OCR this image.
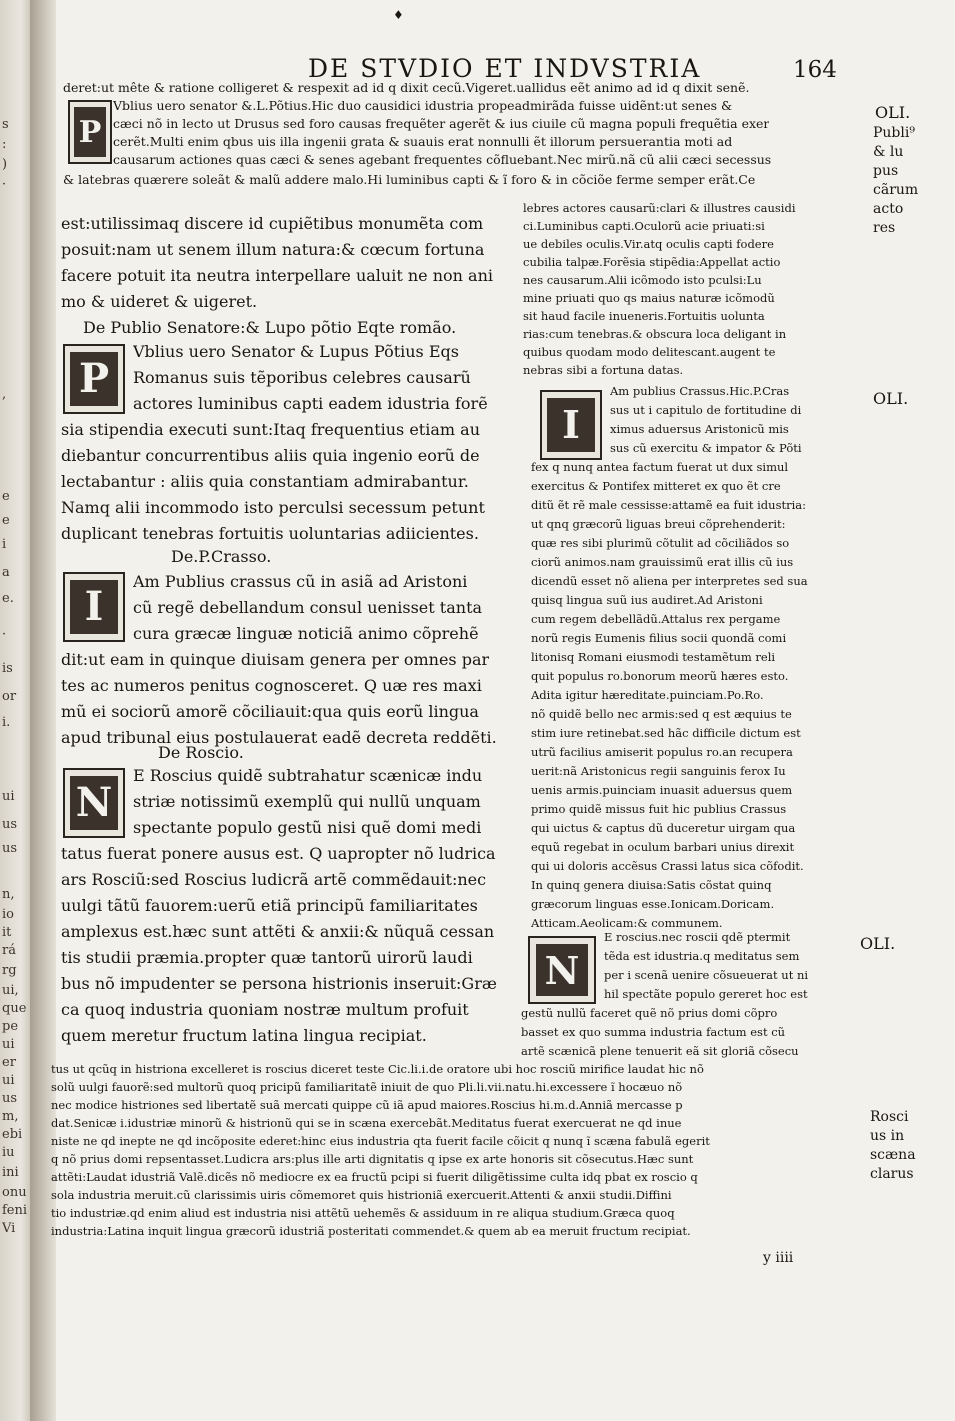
s
:
)
·
,
e
e
i
a
e.
·
is
or
i.
ui
us
us
n,
io
it
rá
rg
ui,
que
pe
ui
er
ui
us
m,
ebi
iu
ini
onu
feni
Vi
♦
DE STVDIO ET INDVSTRIA	164
deret:ut mête & ratione colligeret & respexit ad id q dixit cecũ.Vigeret.uallidus eẽt animo ad id q dixit senẽ.
Vblius uero senator &.L.Põtius.Hic duo causidici idustria propeadmirãda fuisse uidẽnt:ut senes &
cæci nõ in lecto ut Drusus sed foro causas frequẽter agerẽt & ius ciuile cũ magna populi frequẽtia exer
cerẽt.Multi enim qbus uis illa ingenii grata & suauis erat nonnulli ẽt illorum persuerantia moti ad
causarum actiones quas cæci & senes agebant frequentes cõfluebant.Nec mirũ.nã cũ alii cæci secessus
& latebras quærere soleãt & malũ addere malo.Hi luminibus capti & ĩ foro & in cõciõe ferme semper erãt.Ce
P
est:utilissimaq discere id cupiẽtibus monumẽta com
posuit:nam ut senem illum natura:& cœcum fortuna
facere potuit ita neutra interpellare ualuit ne non ani
mo & uideret & uigeret.
De Publio Senatore:& Lupo põtio Eqte romão.
P
Vblius uero Senator & Lupus Põtius Eqs
Romanus suis tẽporibus celebres causarũ
actores luminibus capti eadem idustria forẽ
sia stipendia executi sunt:Itaq frequentius etiam au
diebantur concurrentibus aliis quia ingenio eorũ de
lectabantur : aliis quia constantiam admirabantur.
Namq alii incommodo isto perculsi secessum petunt
duplicant tenebras fortuitis uoluntarias adiicientes.
De.P.Crasso.
I
Am Publius crassus cũ in asiã ad Aristoni
cũ regẽ debellandum consul uenisset tanta
cura græcæ linguæ noticiã animo cõprehẽ
dit:ut eam in quinque diuisam genera per omnes par
tes ac numeros penitus cognosceret. Q uæ res maxi
mũ ei sociorũ amorẽ cõciliauit:qua quis eorũ lingua
apud tribunal eius postulauerat eadẽ decreta reddẽti.
De Roscio.
N
E Roscius quidẽ subtrahatur scænicæ indu
striæ notissimũ exemplũ qui nullũ unquam
spectante populo gestũ nisi quẽ domi medi
tatus fuerat ponere ausus est. Q uapropter nõ ludrica
ars Rosciũ:sed Roscius ludicrã artẽ commẽdauit:nec
uulgi tãtũ fauorem:uerũ etiã principũ familiaritates
amplexus est.hæc sunt attẽti & anxii:& nũquã cessan
tis studii præmia.propter quæ tantorũ uirorũ laudi
bus nõ impudenter se persona histrionis inseruit:Græ
ca quoq industria quoniam nostræ multum profuit
quem meretur fructum latina lingua recipiat.
lebres actores causarũ:clari & illustres causidi
ci.Luminibus capti.Oculorũ acie priuati:si
ue debiles oculis.Vir.atq oculis capti fodere
cubilia talpæ.Forẽsia stipẽdia:Appellat actio
nes causarum.Alii icõmodo isto pculsi:Lu
mine priuati quo qs maius naturæ icõmodũ
sit haud facile inueneris.Fortuitis uolunta
rias:cum tenebras.& obscura loca deligant in
quibus quodam modo delitescant.augent te
nebras sibi a fortuna datas.
I
Am publius Crassus.Hic.P.Cras
sus ut i capitulo de fortitudine di
ximus aduersus Aristonicũ mis
sus cũ exercitu & impator & Põti
fex q nunq antea factum fuerat ut dux simul
exercitus & Pontifex mitteret ex quo ẽt cre
ditũ ẽt rẽ male cessisse:attamẽ ea fuit idustria:
ut qnq græcorũ liguas breui cõprehenderit:
quæ res sibi plurimũ cõtulit ad cõciliãdos so
ciorũ animos.nam grauissimũ erat illis cũ ius
dicendũ esset nõ aliena per interpretes sed sua
quisq lingua suũ ius audiret.Ad Aristoni
cum regem debellãdũ.Attalus rex pergame
norũ regis Eumenis filius socii quondã comi
litonisq Romani eiusmodi testamẽtum reli
quit populus ro.bonorum meorũ hæres esto.
Adita igitur hæreditate.puinciam.Po.Ro.
nõ quidẽ bello nec armis:sed q est æquius te
stim iure retinebat.sed hãc difficile dictum est
utrũ facilius amiserit populus ro.an recupera
uerit:nã Aristonicus regii sanguinis ferox Iu
uenis armis.puinciam inuasit aduersus quem
primo quidẽ missus fuit hic publius Crassus
qui uictus & captus dũ duceretur uirgam qua
equũ regebat in oculum barbari unius direxit
qui ui doloris accẽsus Crassi latus sica cõfodit.
In quinq genera diuisa:Satis cõstat quinq
græcorum linguas esse.Ionicam.Doricam.
Atticam.Aeolicam:& communem.
N
E roscius.nec roscii qdẽ ptermit
tẽda est idustria.q meditatus sem
per i scenã uenire cõsueuerat ut ni
hil spectãte populo gereret hoc est
gestũ nullũ faceret quẽ nõ prius domi cõpro
basset ex quo summa industria factum est cũ
artẽ scænicã plene tenuerit eã sit gloriã cõsecu
tus ut qcũq in histriona excelleret is roscius diceret teste Cic.li.i.de oratore ubi hoc rosciũ mirifice laudat hic nõ
solũ uulgi fauorẽ:sed multorũ quoq pricipũ familiaritatẽ iniuit de quo Pli.li.vii.natu.hi.excessere ĩ hocæuo nõ
nec modice histriones sed libertatẽ suã mercati quippe cũ iã apud maiores.Roscius hi.m.d.Anniã mercasse p
dat.Senicæ i.idustriæ minorũ & histrionũ qui se in scæna exercebãt.Meditatus fuerat exercuerat ne qd inue
niste ne qd inepte ne qd incõposite ederet:hinc eius industria qta fuerit facile cõicit q nunq ĩ scæna fabulã egerit
q nõ prius domi repsentasset.Ludicra ars:plus ille arti dignitatis q ipse ex arte honoris sit cõsecutus.Hæc sunt
attẽti:Laudat idustriã Valẽ.dicẽs nõ mediocre ex ea fructũ pcipi si fuerit diligẽtissime culta idq pbat ex roscio q
sola industria meruit.cũ clarissimis uiris cõmemoret quis histrioniã exercuerit.Attenti & anxii studii.Diffini
tio industriæ.qd enim aliud est industria nisi attẽtũ uehemẽs & assiduum in re aliqua studium.Græca quoq
industria:Latina inquit lingua græcorũ idustriã posteritati commendet.& quem ab ea meruit fructum recipiat.
y iiii
OLI.
Publi⁹
& lu
pus
cãrum
acto
res
OLI.
OLI.
Rosci
us in
scæna
clarus
